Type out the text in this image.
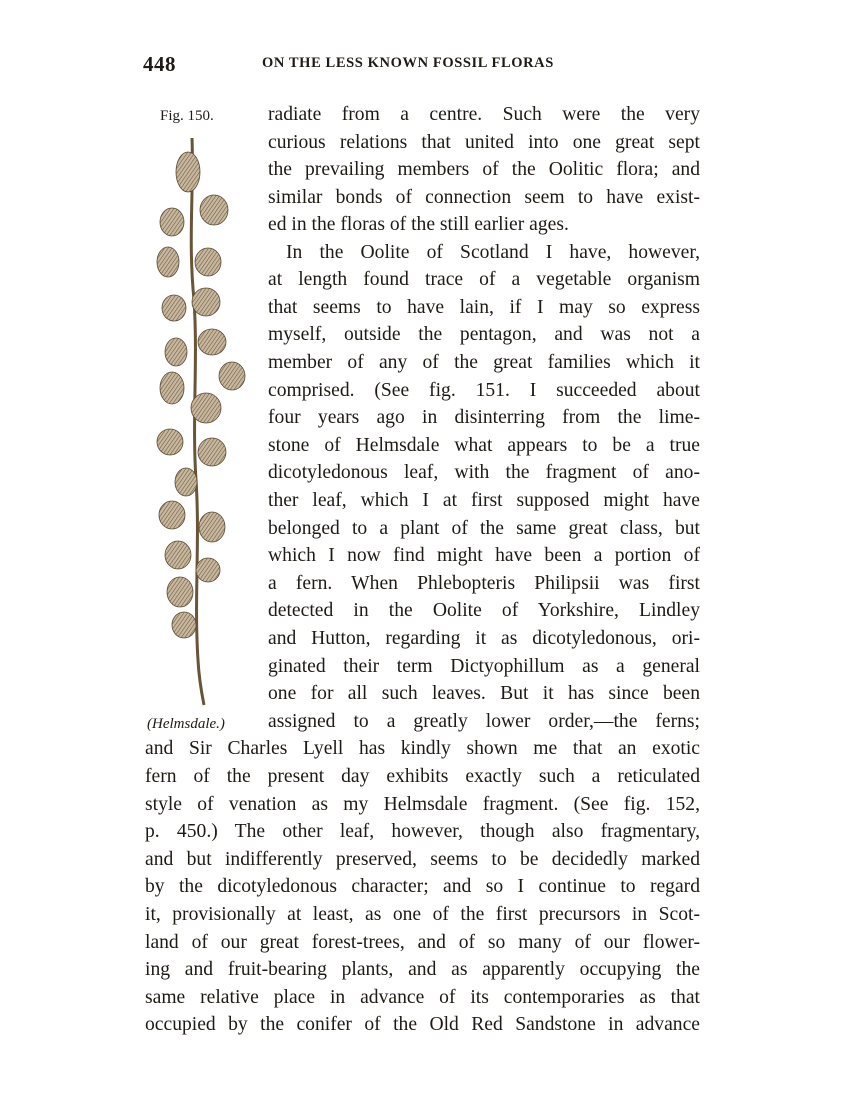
448	ON THE LESS KNOWN FOSSIL FLORAS
Fig. 150.
(Helmsdale.)
radiate from a centre. Such were the very
curious relations that united into one great sept
the prevailing members of the Oolitic flora; and
similar bonds of connection seem to have exist-
ed in the floras of the still earlier ages.
In the Oolite of Scotland I have, however,
at length found trace of a vegetable organism
that seems to have lain, if I may so express
myself, outside the pentagon, and was not a
member of any of the great families which it
comprised. (See fig. 151. I succeeded about
four years ago in disinterring from the lime-
stone of Helmsdale what appears to be a true
dicotyledonous leaf, with the fragment of ano-
ther leaf, which I at first supposed might have
belonged to a plant of the same great class, but
which I now find might have been a portion of
a fern. When Phlebopteris Philipsii was first
detected in the Oolite of Yorkshire, Lindley
and Hutton, regarding it as dicotyledonous, ori-
ginated their term Dictyophillum as a general
one for all such leaves. But it has since been
assigned to a greatly lower order,—the ferns;
and Sir Charles Lyell has kindly shown me that an exotic
fern of the present day exhibits exactly such a reticulated
style of venation as my Helmsdale fragment. (See fig. 152,
p. 450.) The other leaf, however, though also fragmentary,
and but indifferently preserved, seems to be decidedly marked
by the dicotyledonous character; and so I continue to regard
it, provisionally at least, as one of the first precursors in Scot-
land of our great forest-trees, and of so many of our flower-
ing and fruit-bearing plants, and as apparently occupying the
same relative place in advance of its contemporaries as that
occupied by the conifer of the Old Red Sandstone in advance
